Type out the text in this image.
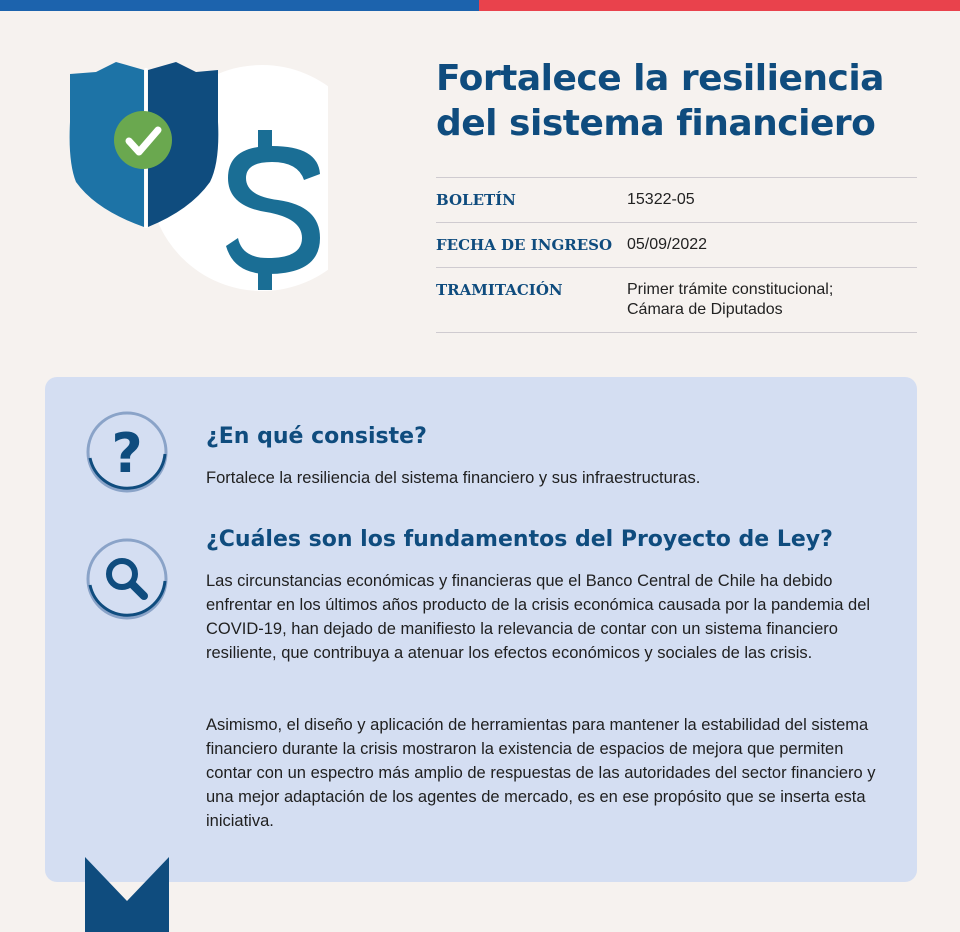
Fortalece la resiliencia
del sistema financiero
BOLETÍN	15322-05
FECHA DE INGRESO 05/09/2022
TRAMITACIÓN	Primer trámite constitucional;
Cámara de Diputados
?	¿En qué consiste?

Fortalece la resiliencia del sistema financiero y sus infraestructuras.

¿Cuáles son los fundamentos del Proyecto de Ley?

Las circunstancias económicas y financieras que el Banco Central de Chile ha debido enfrentar en los últimos años producto de la crisis económica causada por la pandemia del COVID-19, han dejado de manifiesto la relevancia de contar con un sistema financiero resiliente, que contribuya a atenuar los efectos económicos y sociales de las crisis.

Asimismo, el diseño y aplicación de herramientas para mantener la estabilidad del sistema financiero durante la crisis mostraron la existencia de espacios de mejora que permiten contar con un espectro más amplio de respuestas de las autoridades del sector financiero y una mejor adaptación de los agentes de mercado, es en ese propósito que se inserta esta iniciativa.
